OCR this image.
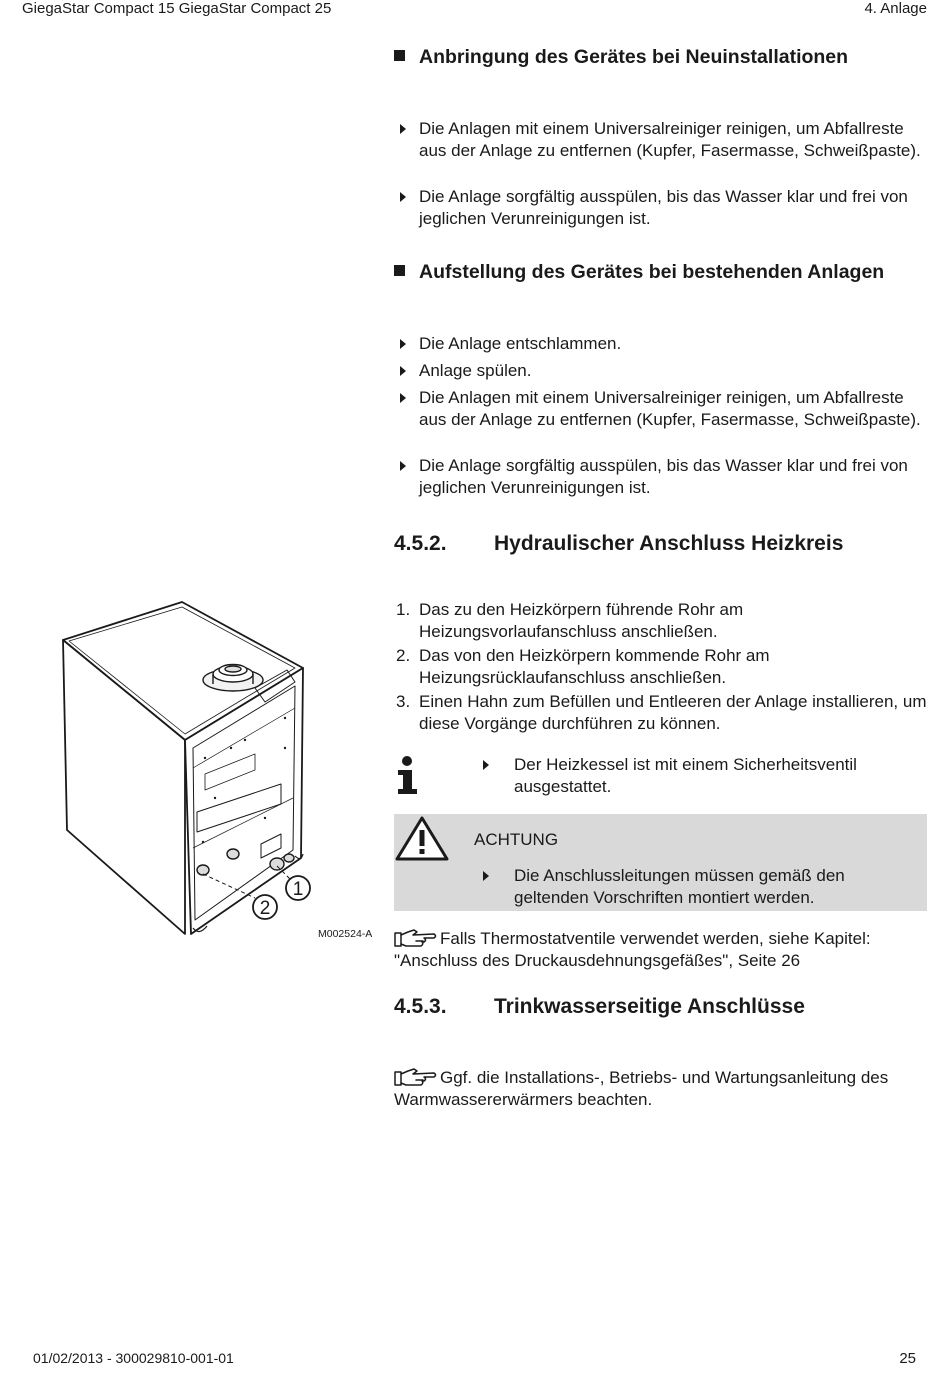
GiegaStar Compact 15 GiegaStar Compact 25	4. Anlage
Anbringung des Gerätes bei Neuinstallationen
Die Anlagen mit einem Universalreiniger reinigen, um Abfallreste aus der Anlage zu entfernen (Kupfer, Fasermasse, Schweißpaste).
Die Anlage sorgfältig ausspülen, bis das Wasser klar und frei von jeglichen Verunreinigungen ist.
Aufstellung des Gerätes bei bestehenden Anlagen
Die Anlage entschlammen.
Anlage spülen.
Die Anlagen mit einem Universalreiniger reinigen, um Abfallreste aus der Anlage zu entfernen (Kupfer, Fasermasse, Schweißpaste).
Die Anlage sorgfältig ausspülen, bis das Wasser klar und frei von jeglichen Verunreinigungen ist.
4.5.2. Hydraulischer Anschluss Heizkreis
2
1
M002524-A
1. Das zu den Heizkörpern führende Rohr am Heizungsvorlaufanschluss anschließen.
2. Das von den Heizkörpern kommende Rohr am Heizungsrücklaufanschluss anschließen.
3. Einen Hahn zum Befüllen und Entleeren der Anlage installieren, um diese Vorgänge durchführen zu können.
Der Heizkessel ist mit einem Sicherheitsventil ausgestattet.
ACHTUNG
Die Anschlussleitungen müssen gemäß den geltenden Vorschriften montiert werden.
Falls Thermostatventile verwendet werden, siehe Kapitel: "Anschluss des Druckausdehnungsgefäßes", Seite 26
4.5.3. Trinkwasserseitige Anschlüsse
Ggf. die Installations-, Betriebs- und Wartungsanleitung des Warmwassererwärmers beachten.
01/02/2013 - 300029810-001-01	25
